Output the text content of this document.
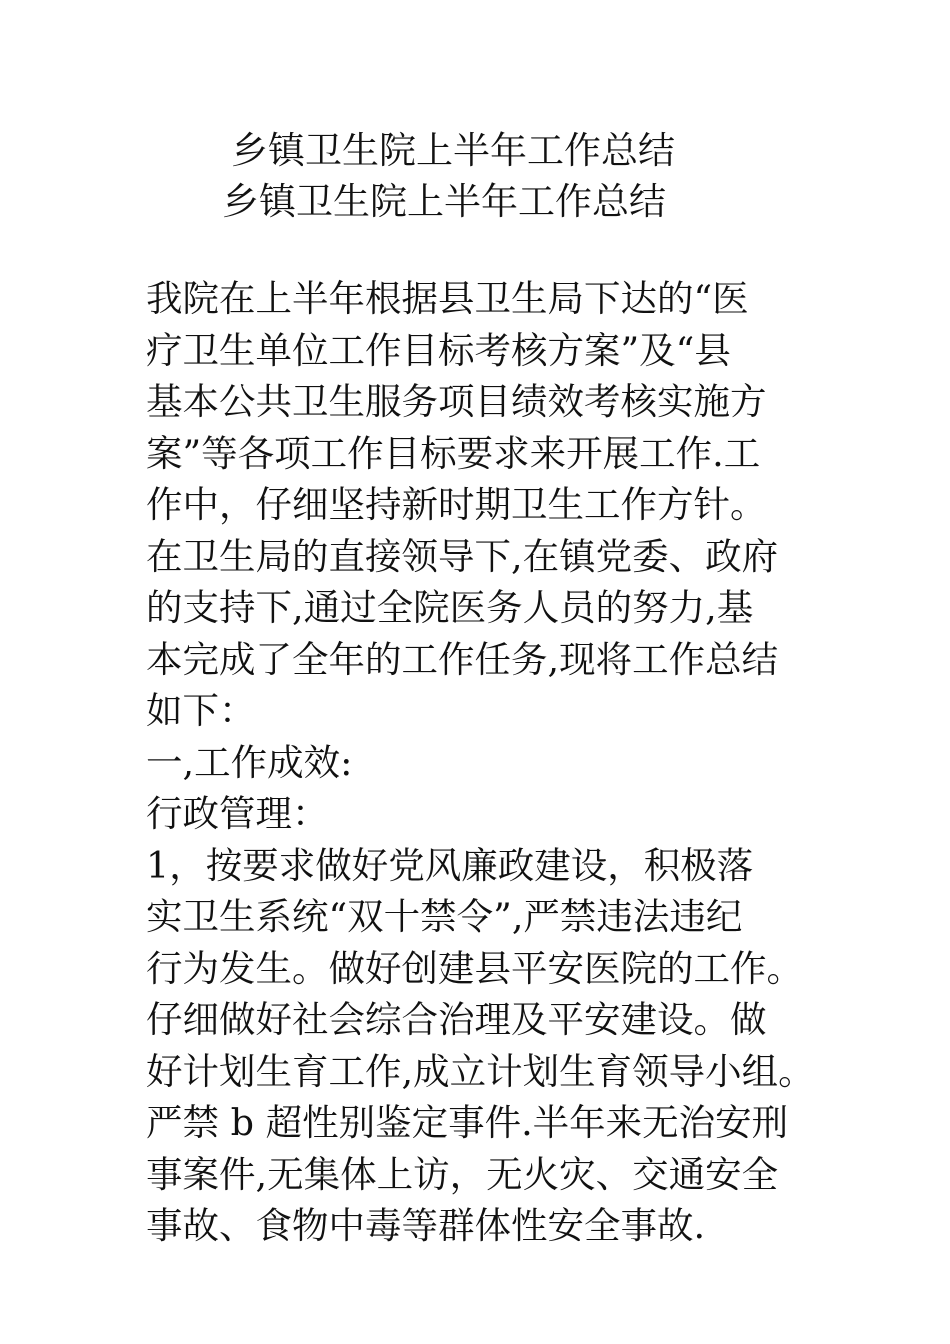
乡镇卫生院上半年工作总结
乡镇卫生院上半年工作总结
我院在上半年根据县卫生局下达的“医
疗卫生单位工作目标考核方案”及“县
基本公共卫生服务项目绩效考核实施方
案”等各项工作目标要求来开展工作.工
作中，仔细坚持新时期卫生工作方针。
在卫生局的直接领导下,在镇党委、政府
的支持下,通过全院医务人员的努力,基
本完成了全年的工作任务,现将工作总结
如下：
一,工作成效:
行政管理：
1，按要求做好党风廉政建设，积极落
实卫生系统“双十禁令”,严禁违法违纪
行为发生。做好创建县平安医院的工作。
仔细做好社会综合治理及平安建设。做
好计划生育工作,成立计划生育领导小组。
严禁 b 超性别鉴定事件.半年来无治安刑
事案件,无集体上访，无火灾、交通安全
事故、食物中毒等群体性安全事故.
